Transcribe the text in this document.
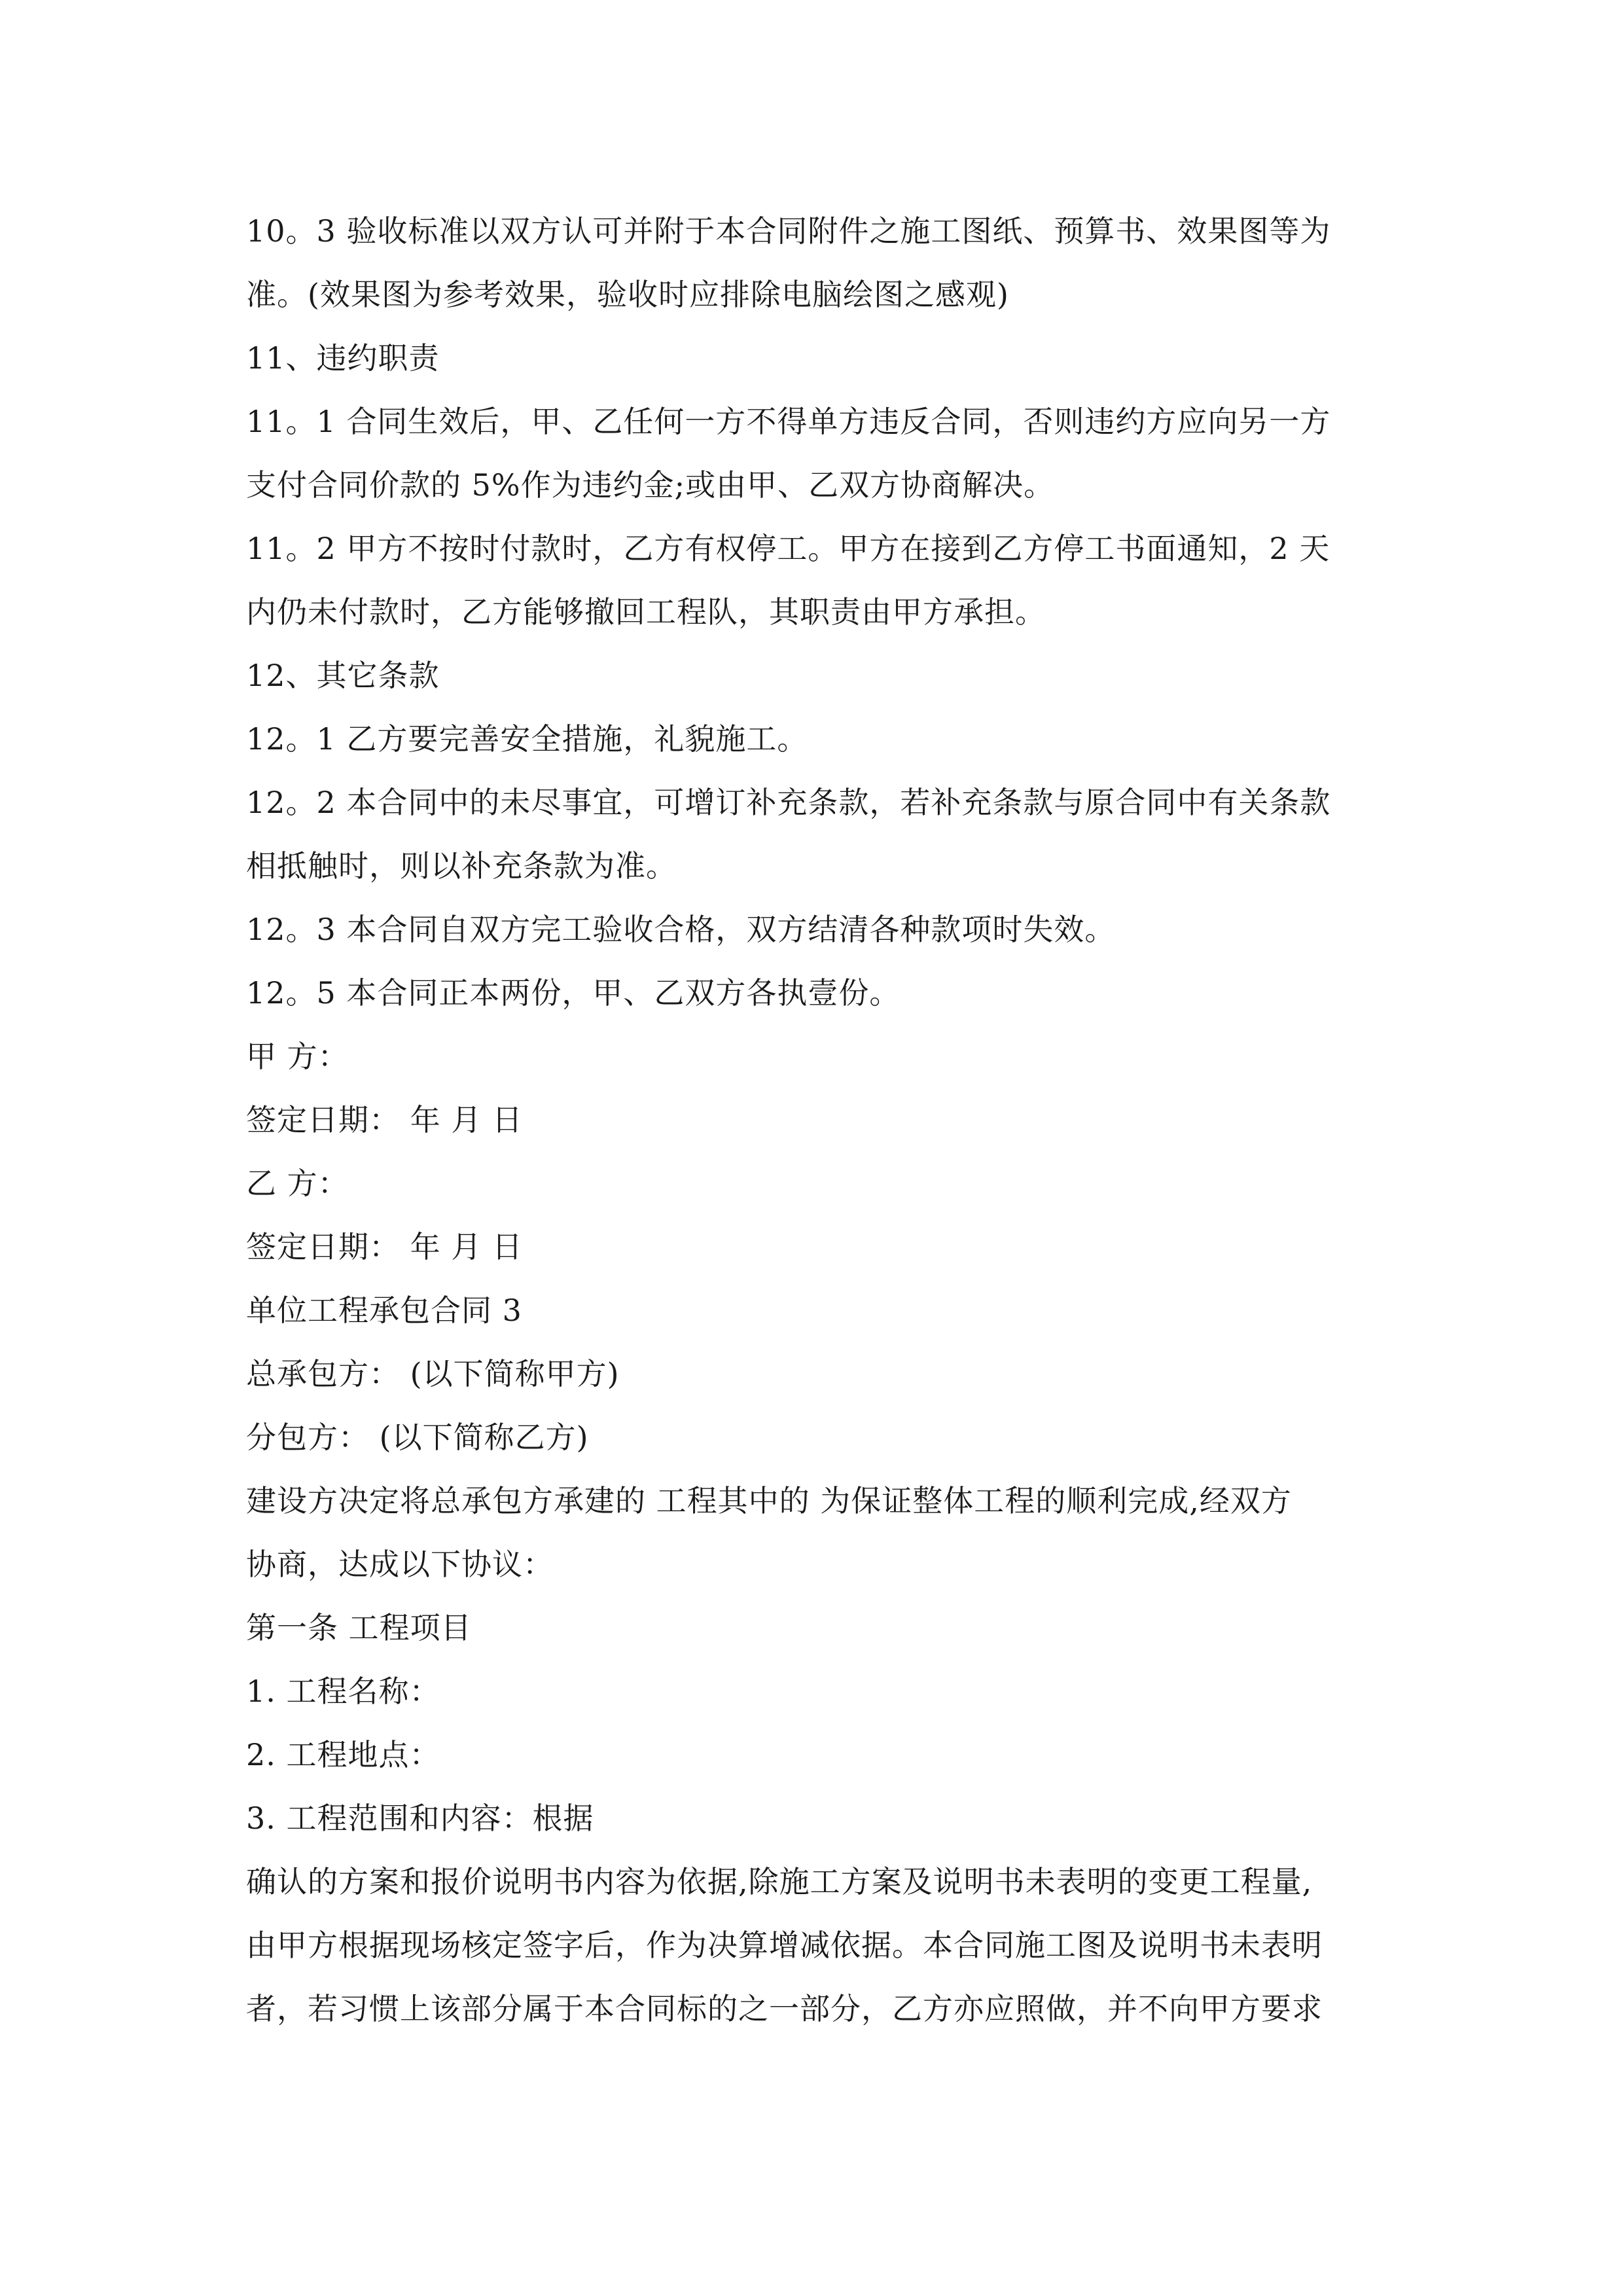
10。3 验收标准以双方认可并附于本合同附件之施工图纸、预算书、效果图等为
准。(效果图为参考效果，验收时应排除电脑绘图之感观)
11、违约职责
11。1 合同生效后，甲、乙任何一方不得单方违反合同，否则违约方应向另一方
支付合同价款的 5%作为违约金;或由甲、乙双方协商解决。
11。2 甲方不按时付款时，乙方有权停工。甲方在接到乙方停工书面通知，2 天
内仍未付款时，乙方能够撤回工程队，其职责由甲方承担。
12、其它条款
12。1 乙方要完善安全措施，礼貌施工。
12。2 本合同中的未尽事宜，可增订补充条款，若补充条款与原合同中有关条款
相抵触时，则以补充条款为准。
12。3 本合同自双方完工验收合格，双方结清各种款项时失效。
12。5 本合同正本两份，甲、乙双方各执壹份。
甲 方：
签定日期： 年 月 日
乙 方：
签定日期： 年 月 日
单位工程承包合同 3
总承包方： (以下简称甲方)
分包方： (以下简称乙方)
建设方决定将总承包方承建的 工程其中的 为保证整体工程的顺利完成,经双方
协商，达成以下协议：
第一条 工程项目
1. 工程名称：
2. 工程地点：
3. 工程范围和内容：根据
确认的方案和报价说明书内容为依据,除施工方案及说明书未表明的变更工程量,
由甲方根据现场核定签字后，作为决算增减依据。本合同施工图及说明书未表明
者，若习惯上该部分属于本合同标的之一部分，乙方亦应照做，并不向甲方要求
